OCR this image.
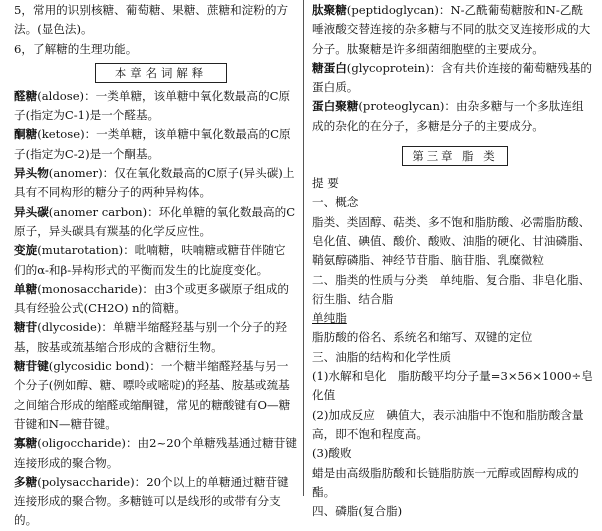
5，常用的识别核糖、葡萄糖、果糖、蔗糖和淀粉的方法。(显色法)。

6，了解糖的生理功能。

本章名词解释

醛糖(aldose)：一类单糖，该单糖中氧化数最高的C原子(指定为C-1)是一个醛基。

酮糖(ketose)：一类单糖，该单糖中氧化数最高的C原子(指定为C-2)是一个酮基。

异头物(anomer)：仅在氧化数最高的C原子(异头碳)上具有不同构形的糖分子的两种异构体。

异头碳(anomer carbon)：环化单糖的氧化数最高的C原子，异头碳具有羰基的化学反应性。

变旋(mutarotation)：吡喃糖，呋喃糖或糖苷伴随它们的α-和β-异构形式的平衡而发生的比旋度变化。

单糖(monosaccharide)：由3个或更多碳原子组成的具有经验公式(CH2O) n的简糖。

糖苷(dlycoside)：单糖半缩醛羟基与别一个分子的羟基，胺基或巯基缩合形成的含糖衍生物。

糖苷键(glycosidic bond)：一个糖半缩醛羟基与另一个分子(例如醇、糖、嘌呤或嘧啶)的羟基、胺基或巯基之间缩合形成的缩醛或缩酮键，常见的糖酸键有O—糖苷键和N—糖苷键。

寡糖(oligoccharide)：由2~20个单糖残基通过糖苷键连接形成的聚合物。

多糖(polysaccharide)：20个以上的单糖通过糖苷键连接形成的聚合物。多糖链可以是线形的或带有分支的。

肽聚糖(peptidoglycan)：N-乙酰葡萄糖胺和N-乙酰唾液酸交替连接的杂多糖与不同的肽交叉连接形成的大分子。肽聚糖是许多细菌细胞壁的主要成分。

糖蛋白(glycoprotein)：含有共价连接的葡萄糖残基的蛋白质。

蛋白聚糖(proteoglycan)：由杂多糖与一个多肽连组成的杂化的在分子，多糖是分子的主要成分。

第三章 脂 类

提 要

一、概念

脂类、类固醇、萜类、多不饱和脂肪酸、必需脂肪酸、皂化值、碘值、酸价、酸败、油脂的硬化、甘油磷脂、鞘氨醇磷脂、神经节苷脂、脑苷脂、乳糜微粒

二、脂类的性质与分类　单纯脂、复合脂、非皂化脂、衍生脂、结合脂

单纯脂

脂肪酸的俗名、系统名和缩写、双键的定位

三、油脂的结构和化学性质

(1)水解和皂化　脂肪酸平均分子量=3×56×1000÷皂化值

(2)加成反应　碘值大，表示油脂中不饱和脂肪酸含量高，即不饱和程度高。

(3)酸败

蜡是由高级脂肪酸和长链脂肪族一元醇或固醇构成的酯。

四、磷脂(复合脂)
